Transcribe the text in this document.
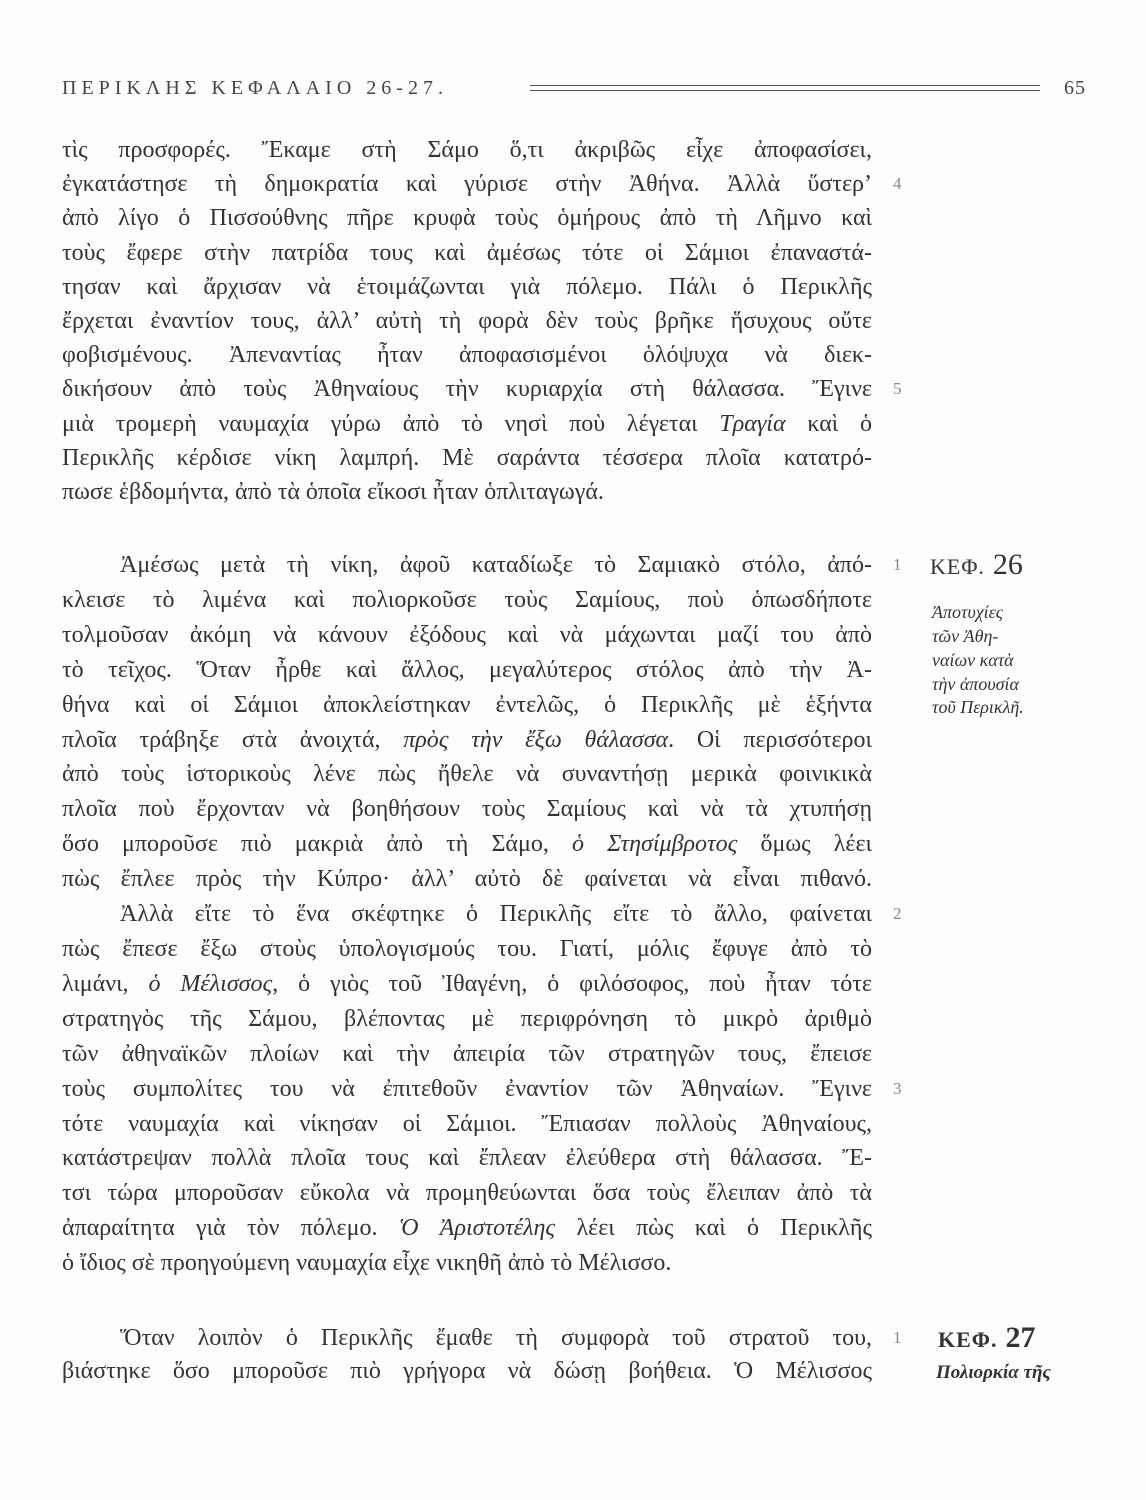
ΠΕΡΙΚΛΗΣ ΚΕΦΑΛΑΙΟ 26-27.	65
τὶς προσφορές. Ἔκαμε στὴ Σάμο ὅ,τι ἀκριβῶς εἶχε ἀποφασίσει,
ἐγκατάστησε τὴ δημοκρατία καὶ γύρισε στὴν Ἀθήνα. Ἀλλὰ ὕστερ’
ἀπὸ λίγο ὁ Πισσούθνης πῆρε κρυφὰ τοὺς ὁμήρους ἀπὸ τὴ Λῆμνο καὶ
τοὺς ἔφερε στὴν πατρίδα τους καὶ ἀμέσως τότε οἱ Σάμιοι ἐπαναστά-
τησαν καὶ ἄρχισαν νὰ ἑτοιμάζωνται γιὰ πόλεμο. Πάλι ὁ Περικλῆς
ἔρχεται ἐναντίον τους, ἀλλ’ αὐτὴ τὴ φορὰ δὲν τοὺς βρῆκε ἥσυχους οὔτε
φοβισμένους. Ἀπεναντίας ἦταν ἀποφασισμένοι ὁλόψυχα νὰ διεκ-
δικήσουν ἀπὸ τοὺς Ἀθηναίους τὴν κυριαρχία στὴ θάλασσα. Ἔγινε
μιὰ τρομερὴ ναυμαχία γύρω ἀπὸ τὸ νησὶ ποὺ λέγεται Τραγία καὶ ὁ
Περικλῆς κέρδισε νίκη λαμπρή. Μὲ σαράντα τέσσερα πλοῖα κατατρό-
πωσε ἑβδομήντα, ἀπὸ τὰ ὁποῖα εἴκοσι ἦταν ὁπλιταγωγά.
Ἀμέσως μετὰ τὴ νίκη, ἀφοῦ καταδίωξε τὸ Σαμιακὸ στόλο, ἀπό-
κλεισε τὸ λιμένα καὶ πολιορκοῦσε τοὺς Σαμίους, ποὺ ὁπωσδήποτε
τολμοῦσαν ἀκόμη νὰ κάνουν ἐξόδους καὶ νὰ μάχωνται μαζί του ἀπὸ
τὸ τεῖχος. Ὅταν ἦρθε καὶ ἄλλος, μεγαλύτερος στόλος ἀπὸ τὴν Ἀ-
θήνα καὶ οἱ Σάμιοι ἀποκλείστηκαν ἐντελῶς, ὁ Περικλῆς μὲ ἑξήντα
πλοῖα τράβηξε στὰ ἀνοιχτά, πρὸς τὴν ἔξω θάλασσα. Οἱ περισσότεροι
ἀπὸ τοὺς ἱστορικοὺς λένε πὼς ἤθελε νὰ συναντήσῃ μερικὰ φοινικικὰ
πλοῖα ποὺ ἔρχονταν νὰ βοηθήσουν τοὺς Σαμίους καὶ νὰ τὰ χτυπήσῃ
ὅσο μποροῦσε πιὸ μακριὰ ἀπὸ τὴ Σάμο, ὁ Στησίμβροτος ὅμως λέει
πὼς ἔπλεε πρὸς τὴν Κύπρο· ἀλλ’ αὐτὸ δὲ φαίνεται νὰ εἶναι πιθανό.
Ἀλλὰ εἴτε τὸ ἕνα σκέφτηκε ὁ Περικλῆς εἴτε τὸ ἄλλο, φαίνεται
πὼς ἔπεσε ἔξω στοὺς ὑπολογισμούς του. Γιατί, μόλις ἔφυγε ἀπὸ τὸ
λιμάνι, ὁ Μέλισσος, ὁ γιὸς τοῦ Ἰθαγένη, ὁ φιλόσοφος, ποὺ ἦταν τότε
στρατηγὸς τῆς Σάμου, βλέποντας μὲ περιφρόνηση τὸ μικρὸ ἀριθμὸ
τῶν ἀθηναϊκῶν πλοίων καὶ τὴν ἀπειρία τῶν στρατηγῶν τους, ἔπεισε
τοὺς συμπολίτες του νὰ ἐπιτεθοῦν ἐναντίον τῶν Ἀθηναίων. Ἔγινε
τότε ναυμαχία καὶ νίκησαν οἱ Σάμιοι. Ἔπιασαν πολλοὺς Ἀθηναίους,
κατάστρεψαν πολλὰ πλοῖα τους καὶ ἔπλεαν ἐλεύθερα στὴ θάλασσα. Ἔ-
τσι τώρα μποροῦσαν εὔκολα νὰ προμηθεύωνται ὅσα τοὺς ἔλειπαν ἀπὸ τὰ
ἀπαραίτητα γιὰ τὸν πόλεμο. Ὁ Ἀριστοτέλης λέει πὼς καὶ ὁ Περικλῆς
ὁ ἴδιος σὲ προηγούμενη ναυμαχία εἶχε νικηθῆ ἀπὸ τὸ Μέλισσο.
Ὅταν λοιπὸν ὁ Περικλῆς ἔμαθε τὴ συμφορὰ τοῦ στρατοῦ του,
βιάστηκε ὅσο μποροῦσε πιὸ γρήγορα νὰ δώσῃ βοήθεια. Ὁ Μέλισσος
4
5
1
2
3
1
ΚΕΦ. 26
Ἀποτυχίες
τῶν Ἀθη-
ναίων κατὰ
τὴν ἀπουσία
τοῦ Περικλῆ.
ΚΕΦ. 27
Πολιορκία τῆς
